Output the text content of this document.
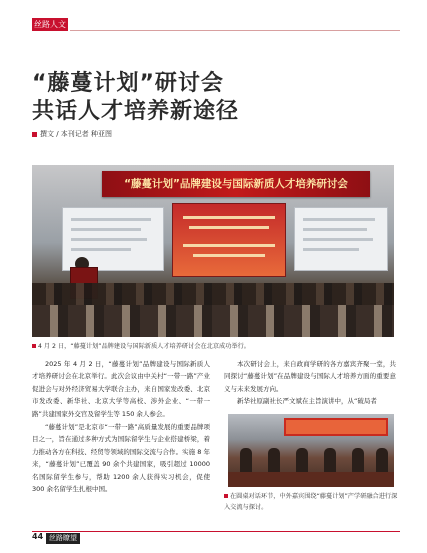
丝路人文
“藤蔓计划”研讨会
共话人才培养新途径
撰文 / 本刊记者 种亚图
“藤蔓计划”品牌建设与国际新质人才培养研讨会
4 月 2 日，“藤蔓计划”品牌建设与国际新质人才培养研讨会在北京成功举行。

2025 年 4 月 2 日，“藤蔓计划”品牌建设与国际新质人才培养研讨会在北京举行。此次会议由中关村“一带一路”产业促进会与对外经济贸易大学联合主办，来自国家发改委、北京市发改委、新华社、北京大学等高校、涉外企业、“一带一路”共建国家外交官及留学生等 150 余人参会。

“藤蔓计划”是北京市“一带一路”高质量发展的重要品牌项目之一，旨在通过多种方式为国际留学生与企业搭建桥梁，着力推动各方在科技、经贸等领域的国际交流与合作。实施 8 年来，“藤蔓计划”已覆盖 90 余个共建国家，吸引超过 10000 名国际留学生参与，帮助 1200 余人获得实习机会，促使 300 余名留学生扎根中国。

本次研讨会上，来自政商学研的各方嘉宾齐聚一堂，共同探讨“藤蔓计划”在品牌建设与国际人才培养方面的重要意义与未来发展方向。

新华社原副社长严文斌在主旨演讲中，从“破局者

在圆桌对话环节，中外嘉宾围绕“藤蔓计划”产学研融合进行深入交流与探讨。
44 丝路瞭望
